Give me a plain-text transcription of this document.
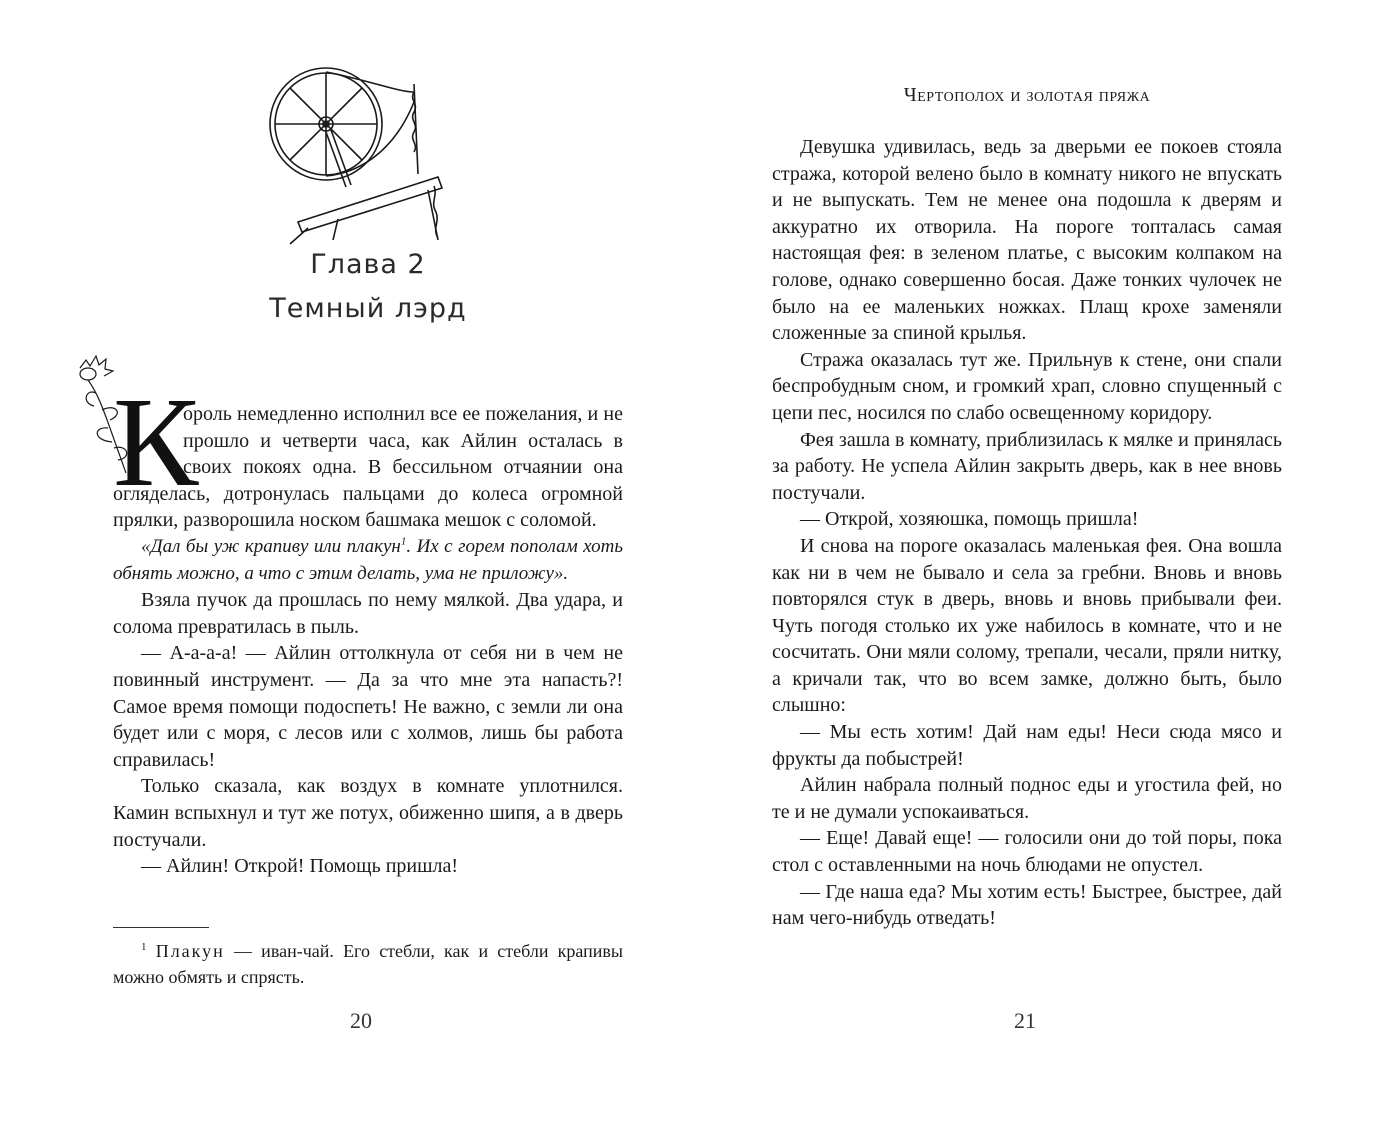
Глава 2
Темный лэрд
К

ороль немедленно исполнил все ее пожелания, и не прошло и четверти часа, как Айлин осталась в своих покоях одна. В бессильном отчаянии она огляделась, дотронулась пальцами до колеса огромной прялки, разворошила носком башмака мешок с соломой.

«Дал бы уж крапиву или плакун$^1$. Их с горем пополам хоть обнять можно, а что с этим делать, ума не приложу».

Взяла пучок да прошлась по нему мялкой. Два удара, и солома превратилась в пыль.

— А-а-а-а! — Айлин оттолкнула от себя ни в чем не повинный инструмент. — Да за что мне эта напасть?! Самое время помощи подоспеть! Не важно, с земли ли она будет или с моря, с лесов или с холмов, лишь бы работа справилась!

Только сказала, как воздух в комнате уплотнился. Камин вспыхнул и тут же потух, обиженно шипя, а в дверь постучали.

— Айлин! Открой! Помощь пришла!

$^1$ Плакун — иван-чай. Его стебли, как и стебли крапивы можно обмять и спрясть.

20
Чертополох и золотая пряжа

Девушка удивилась, ведь за дверьми ее покоев стояла стража, которой велено было в комнату никого не впускать и не выпускать. Тем не менее она подошла к дверям и аккуратно их отворила. На пороге топталась самая настоящая фея: в зеленом платье, с высоким колпаком на голове, однако совершенно босая. Даже тонких чулочек не было на ее маленьких ножках. Плащ крохе заменяли сложенные за спиной крылья.

Стража оказалась тут же. Прильнув к стене, они спали беспробудным сном, и громкий храп, словно спущенный с цепи пес, носился по слабо освещенному коридору.

Фея зашла в комнату, приблизилась к мялке и принялась за работу. Не успела Айлин закрыть дверь, как в нее вновь постучали.

— Открой, хозяюшка, помощь пришла!

И снова на пороге оказалась маленькая фея. Она вошла как ни в чем не бывало и села за гребни. Вновь и вновь повторялся стук в дверь, вновь и вновь прибывали феи. Чуть погодя столько их уже набилось в комнате, что и не сосчитать. Они мяли солому, трепали, чесали, пряли нитку, а кричали так, что во всем замке, должно быть, было слышно:

— Мы есть хотим! Дай нам еды! Неси сюда мясо и фрукты да побыстрей!

Айлин набрала полный поднос еды и угостила фей, но те и не думали успокаиваться.

— Еще! Давай еще! — голосили они до той поры, пока стол с оставленными на ночь блюдами не опустел.

— Где наша еда? Мы хотим есть! Быстрее, быстрее, дай нам чего-нибудь отведать!

21
